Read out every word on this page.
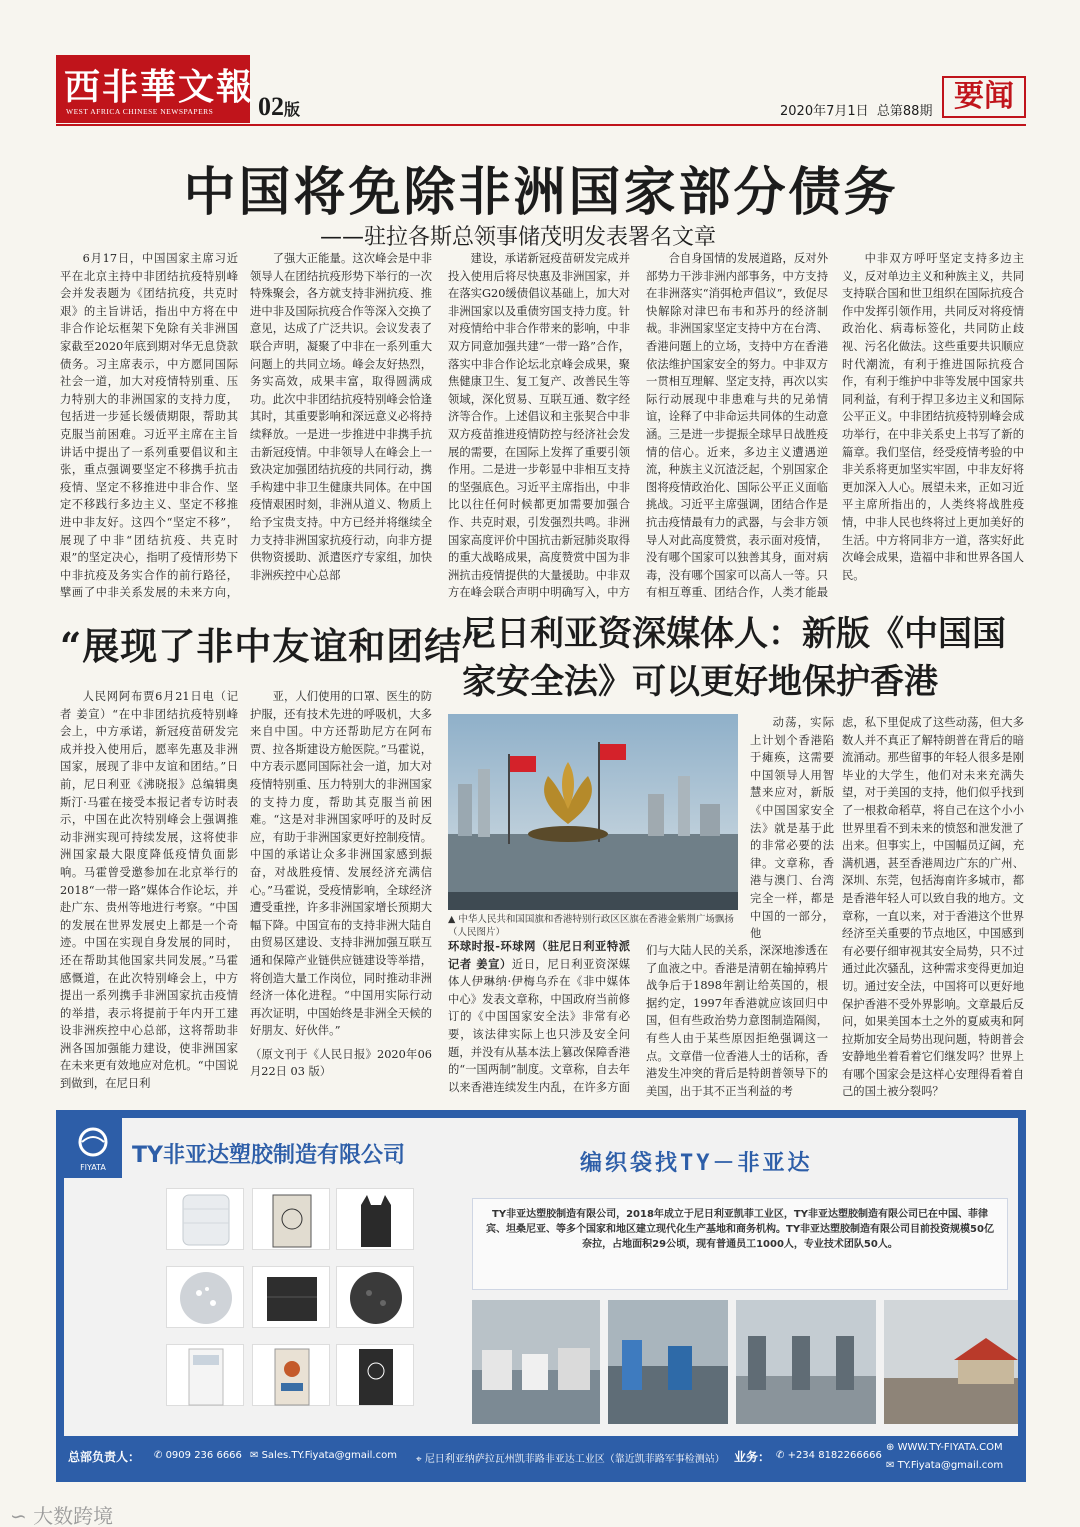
西非華文報
WEST AFRICA CHINESE NEWSPAPERS 02版	2020年7月1日 总第88期 要闻
中国将免除非洲国家部分债务
——驻拉各斯总领事储茂明发表署名文章

6月17日，中国国家主席习近平在北京主持中非团结抗疫特别峰会并发表题为《团结抗疫，共克时艰》的主旨讲话，指出中方将在中非合作论坛框架下免除有关非洲国家截至2020年底到期对华无息贷款债务。习主席表示，中方愿同国际社会一道，加大对疫情特别重、压力特别大的非洲国家的支持力度，包括进一步延长缓债期限，帮助其克服当前困难。习近平主席在主旨讲话中提出了一系列重要倡议和主张，重点强调要坚定不移携手抗击疫情、坚定不移推进中非合作、坚定不移践行多边主义、坚定不移推进中非友好。这四个“坚定不移”，展现了中非“团结抗疫、共克时艰”的坚定决心，指明了疫情形势下中非抗疫及务实合作的前行路径，擘画了中非关系发展的未来方向，

了强大正能量。这次峰会是中非领导人在团结抗疫形势下举行的一次特殊聚会，各方就支持非洲抗疫、推进中非及国际抗疫合作等深入交换了意见，达成了广泛共识。会议发表了联合声明，凝聚了中非在一系列重大问题上的共同立场。峰会友好热烈，务实高效，成果丰富，取得圆满成功。此次中非团结抗疫特别峰会恰逢其时，其重要影响和深远意义必将持续释放。一是进一步推进中非携手抗击新冠疫情。中非领导人在峰会上一致决定加强团结抗疫的共同行动，携手构建中非卫生健康共同体。在中国疫情艰困时刻，非洲从道义、物质上给予宝贵支持。中方已经并将继续全力支持非洲国家抗疫行动，向非方提供物资援助、派遣医疗专家组，加快非洲疾控中心总部

建设，承诺新冠疫苗研发完成并投入使用后将尽快惠及非洲国家，并在落实G20缓债倡议基础上，加大对非洲国家以及重债穷国支持力度。针对疫情给中非合作带来的影响，中非双方同意加强共建“一带一路”合作，落实中非合作论坛北京峰会成果，聚焦健康卫生、复工复产、改善民生等领域，深化贸易、互联互通、数字经济等合作。上述倡议和主张契合中非双方疫苗推进疫情防控与经济社会发展的需要，在国际上发挥了重要引领作用。二是进一步彰显中非相互支持的坚强底色。习近平主席指出，中非比以往任何时候都更加需要加强合作、共克时艰，引发强烈共鸣。非洲国家高度评价中国抗击新冠肺炎取得的重大战略成果，高度赞赏中国为非洲抗击疫情提供的大量援助。中非双方在峰会联合声明中明确写入，中方

合自身国情的发展道路，反对外部势力干涉非洲内部事务，中方支持在非洲落实“消弭枪声倡议”，致促尽快解除对津巴布韦和苏丹的经济制裁。非洲国家坚定支持中方在台湾、香港问题上的立场，支持中方在香港依法维护国家安全的努力。中非双方一贯相互理解、坚定支持，再次以实际行动展现中非患难与共的兄弟情谊，诠释了中非命运共同体的生动意涵。三是进一步提振全球早日战胜疫情的信心。近来，多边主义遭遇逆流，种族主义沉渣泛起，个别国家企图将疫情政治化、国际公平正义面临挑战。习近平主席强调，团结合作是抗击疫情最有力的武器，与会非方领导人对此高度赞赏，表示面对疫情，没有哪个国家可以独善其身，面对病毒，没有哪个国家可以高人一等。只有相互尊重、团结合作，人类才能最

中非双方呼吁坚定支持多边主义，反对单边主义和种族主义，共同支持联合国和世卫组织在国际抗疫合作中发挥引领作用，共同反对将疫情政治化、病毒标签化，共同防止歧视、污名化做法。这些重要共识顺应时代潮流，有利于推进国际抗疫合作，有利于维护中非等发展中国家共同利益，有利于捍卫多边主义和国际公平正义。中非团结抗疫特别峰会成功举行，在中非关系史上书写了新的篇章。我们坚信，经受疫情考验的中非关系将更加坚实牢固，中非友好将更加深入人心。展望未来，正如习近平主席所指出的，人类终将战胜疫情，中非人民也终将过上更加美好的生活。中方将同非方一道，落实好此次峰会成果，造福中非和世界各国人民。

“展现了非中友谊和团结”

人民网阿布贾6月21日电（记者 姜宣）“在中非团结抗疫特别峰会上，中方承诺，新冠疫苗研发完成并投入使用后，愿率先惠及非洲国家，展现了非中友谊和团结。”日前，尼日利亚《沸晓报》总编辑奥斯汀·马霍在接受本报记者专访时表示，中国在此次特别峰会上强调推动非洲实现可持续发展，这将使非洲国家最大限度降低疫情负面影响。马霍曾受邀参加在北京举行的2018“一带一路”媒体合作论坛，并赴广东、贵州等地进行考察。“中国的发展在世界发展史上都是一个奇迹。中国在实现自身发展的同时，还在帮助其他国家共同发展。”马霍感慨道，在此次特别峰会上，中方提出一系列携手非洲国家抗击疫情的举措，表示将提前于年内开工建设非洲疾控中心总部，这将帮助非洲各国加强能力建设，使非洲国家在未来更有效地应对危机。“中国说到做到，在尼日利

亚，人们使用的口罩、医生的防护服，还有技术先进的呼吸机，大多来自中国。中方还帮助尼方在阿布贾、拉各斯建设方舱医院。”马霍说，中方表示愿同国际社会一道，加大对疫情特别重、压力特别大的非洲国家的支持力度，帮助其克服当前困难。“这是对非洲国家呼吁的及时反应，有助于非洲国家更好控制疫情。中国的承诺让众多非洲国家感到振奋，对战胜疫情、发展经济充满信心。”马霍说，受疫情影响，全球经济遭受重挫，许多非洲国家增长预期大幅下降。中国宣布的支持非洲大陆自由贸易区建设、支持非洲加强互联互通和保障产业链供应链建设等举措，将创造大量工作岗位，同时推动非洲经济一体化进程。“中国用实际行动再次证明，中国始终是非洲全天候的好朋友、好伙伴。”

（原文刊于《人民日报》2020年06月22日 03 版）

尼日利亚资深媒体人：新版《中国国家安全法》可以更好地保护香港
▲ 中华人民共和国国旗和香港特别行政区区旗在香港金紫荆广场飘扬（人民图片）

环球时报-环球网（驻尼日利亚特派记者 姜宣）近日，尼日利亚资深媒体人伊琳纳·伊梅乌乔在《非中媒体中心》发表文章称，中国政府当前修订的《中国国家安全法》非常有必要，该法律实际上也只涉及安全问题，并没有从基本法上篡改保障香港的“一国两制”制度。文章称，自去年以来香港连续发生内乱，在许多方面

动荡，实际上计划个香港陷于瘫痪，这需要中国领导人用智慧来应对，新版《中国国家安全法》就是基于此的非常必要的法律。文章称，香港与澳门、台湾完全一样，都是中国的一部分，他

们与大陆人民的关系，深深地渗透在了血液之中。香港是清朝在输掉鸦片战争后于1898年割让给英国的，根据约定，1997年香港就应该回归中国，但有些政治势力意图制造隔阂，有些人由于某些原因拒绝强调这一点。文章借一位香港人士的话称，香港发生冲突的背后是特朗普领导下的美国，出于其不正当利益的考

虑，私下里促成了这些动荡，但大多数人并不真正了解特朗普在背后的暗流涌动。那些留事的年轻人很多是刚毕业的大学生，他们对未来充满失望，对于美国的支持，他们似乎找到了一根救命稻草，将自己在这个小小世界里看不到未来的愤怒和泄发泄了出来。但事实上，中国幅员辽阔，充满机遇，甚至香港周边广东的广州、深圳、东莞，包括海南许多城市，都是香港年轻人可以致自我的地方。文章称，一直以来，对于香港这个世界经济至关重要的节点地区，中国感到有必要仔细审视其安全局势，只不过通过此次骚乱，这种需求变得更加迫切。通过安全法，中国将可以更好地保护香港不受外界影响。文章最后反问，如果美国本土之外的夏威夷和阿拉斯加安全局势出现问题，特朗普会安静地坐着看着它们继发吗？世界上有哪个国家会是这样心安理得看着自己的国土被分裂吗？

FIYATA TY非亚达塑胶制造有限公司	编织袋找TY－非亚达
TY非亚达塑胶制造有限公司，2018年成立于尼日利亚凯菲工业区，TY非亚达塑胶制造有限公司已在中国、菲律宾、坦桑尼亚、等多个国家和地区建立现代化生产基地和商务机构。TY非亚达塑胶制造有限公司目前投资规模50亿奈拉，占地面积29公顷，现有普通员工1000人，专业技术团队50人。
总部负责人： ✆ 0909 236 6666 ✉ Sales.TY.Fiyata@gmail.com ⌖ 尼日利亚纳萨拉瓦州凯菲路非亚达工业区（靠近凯菲路军事检测站） 业务： ✆ +234 8182266666
⊕ WWW.TY-FIYATA.COM
✉ TY.Fiyata@gmail.com
∽ 大数跨境
